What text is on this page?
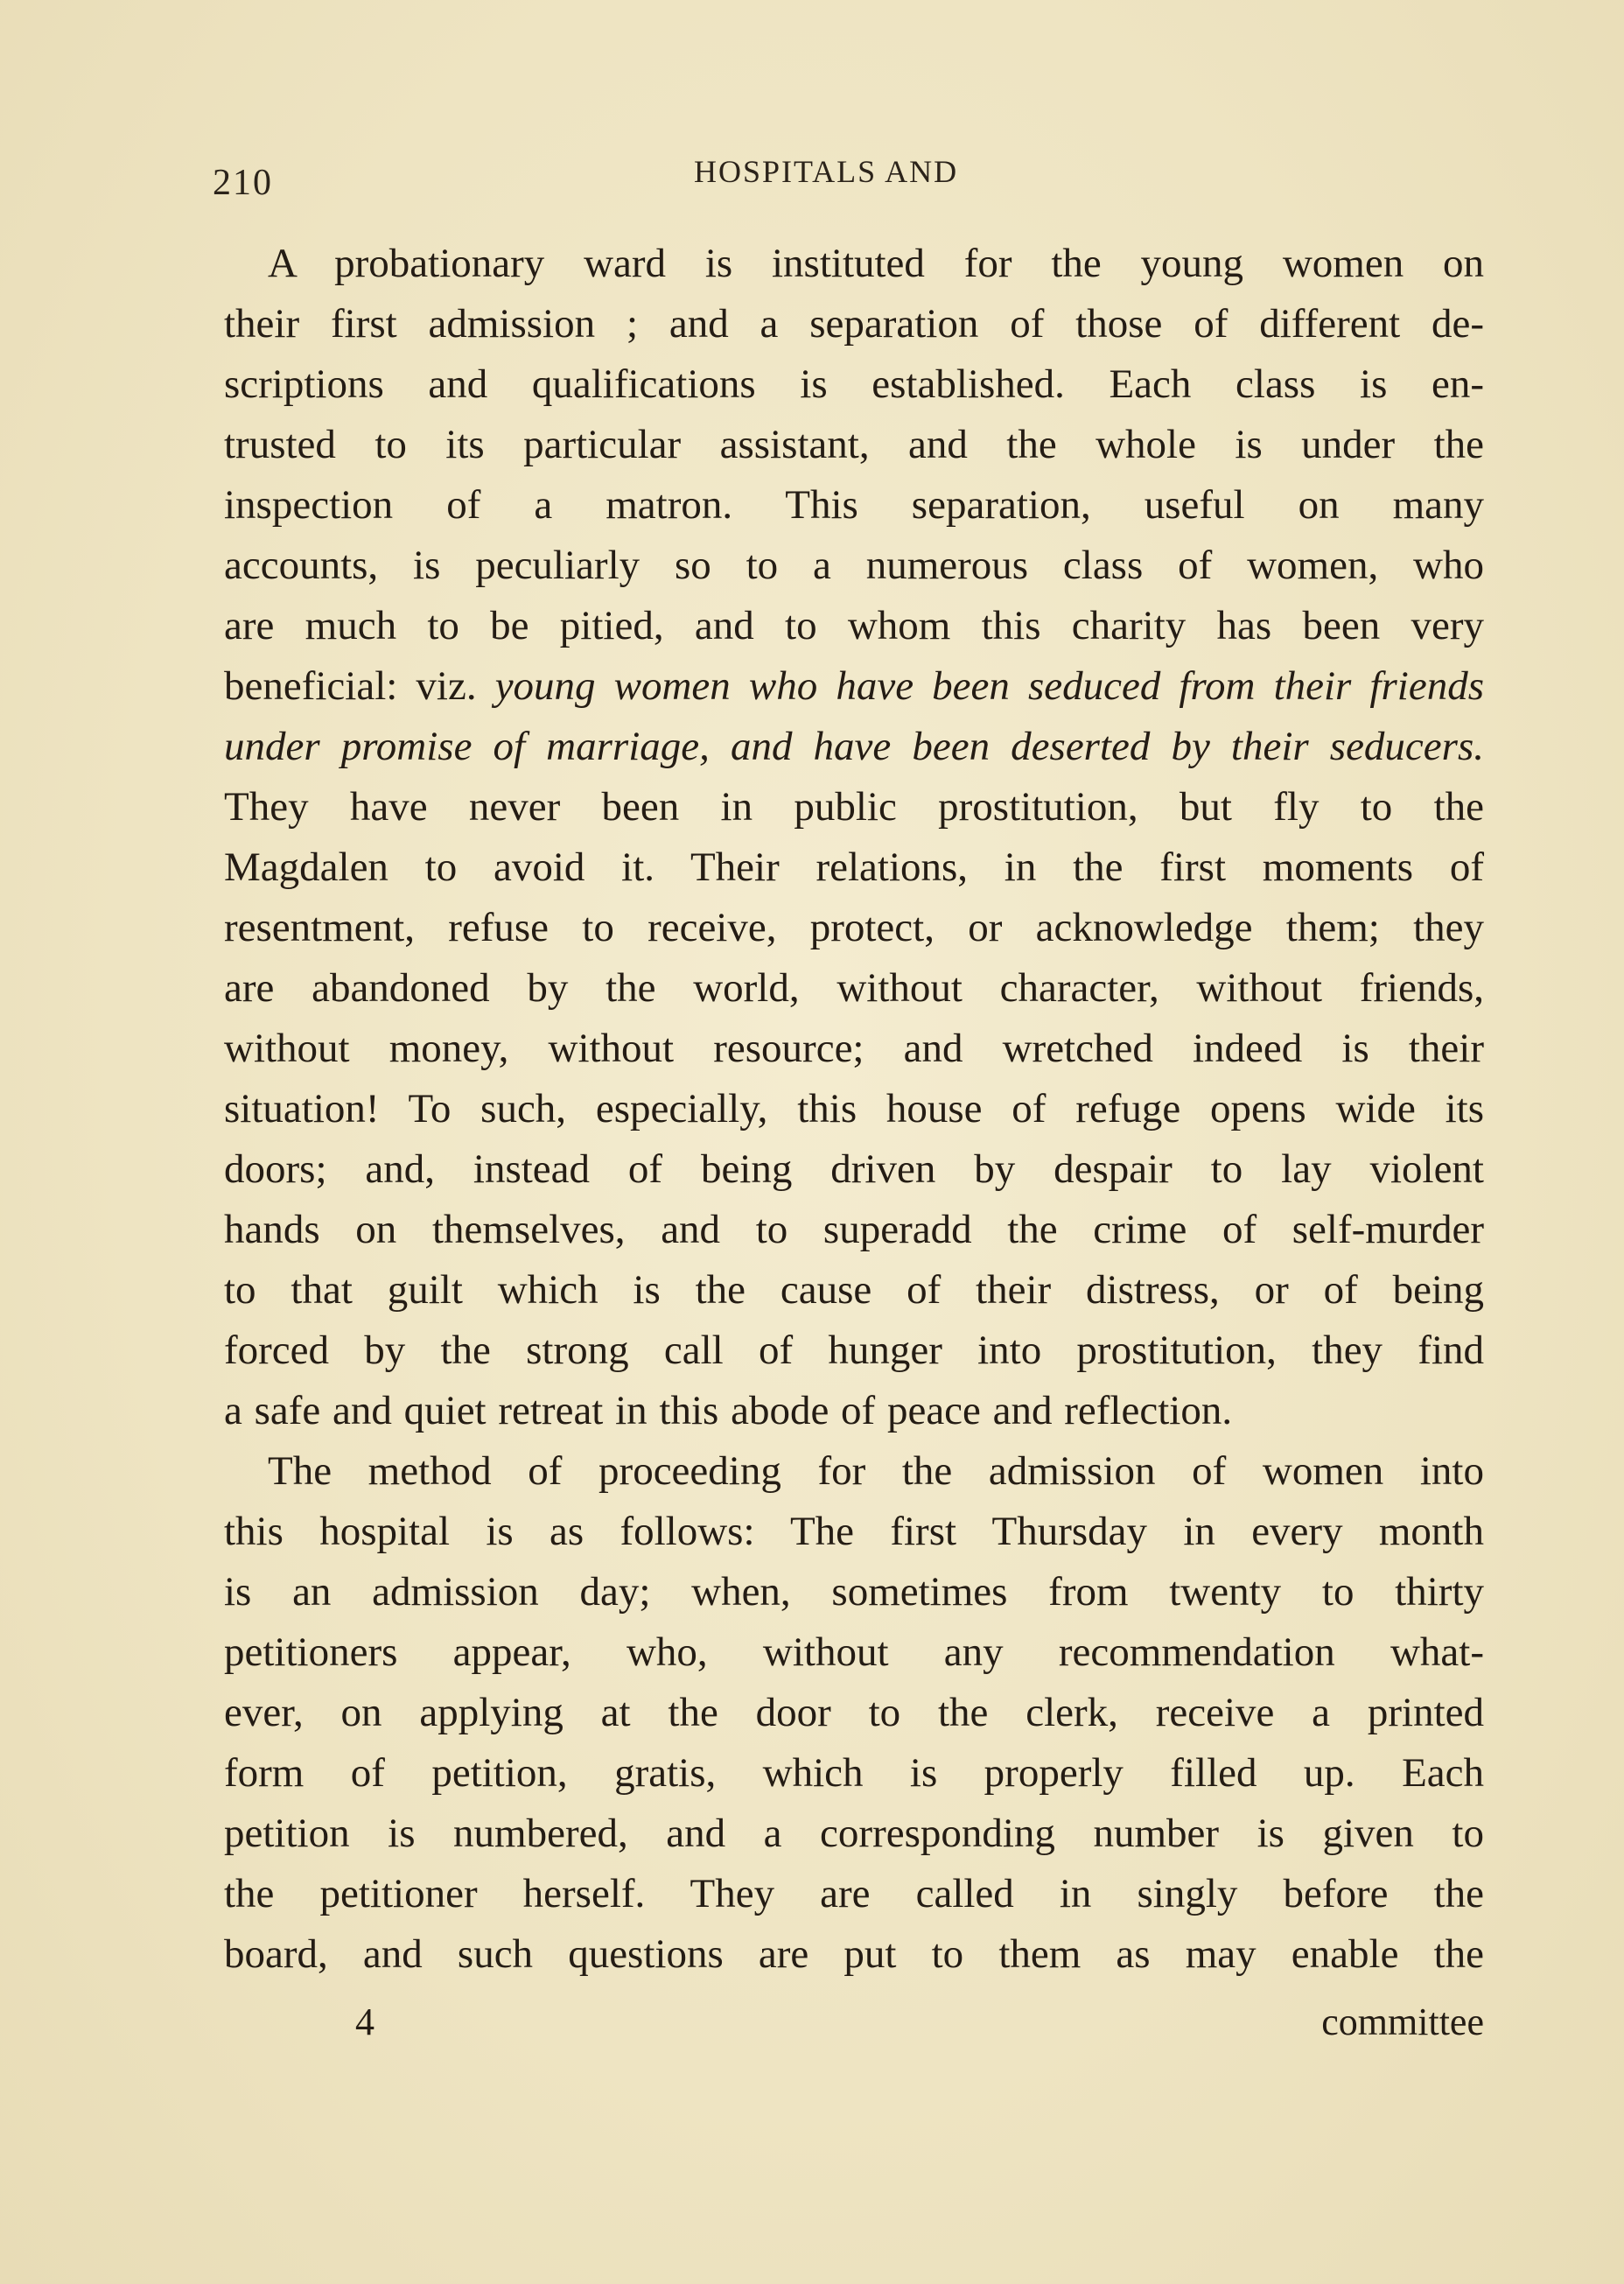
210	HOSPITALS AND
A probationary ward is instituted for the young women on
their first admission ; and a separation of those of different de-
scriptions and qualifications is established. Each class is en-
trusted to its particular assistant, and the whole is under the
inspection of a matron. This separation, useful on many
accounts, is peculiarly so to a numerous class of women, who
are much to be pitied, and to whom this charity has been very
beneficial: viz. young women who have been seduced from their friends
under promise of marriage, and have been deserted by their seducers.
They have never been in public prostitution, but fly to the
Magdalen to avoid it. Their relations, in the first moments of
resentment, refuse to receive, protect, or acknowledge them; they
are abandoned by the world, without character, without friends,
without money, without resource; and wretched indeed is their
situation! To such, especially, this house of refuge opens wide its
doors; and, instead of being driven by despair to lay violent
hands on themselves, and to superadd the crime of self-murder
to that guilt which is the cause of their distress, or of being
forced by the strong call of hunger into prostitution, they find
a safe and quiet retreat in this abode of peace and reflection.
The method of proceeding for the admission of women into
this hospital is as follows: The first Thursday in every month
is an admission day; when, sometimes from twenty to thirty
petitioners appear, who, without any recommendation what-
ever, on applying at the door to the clerk, receive a printed
form of petition, gratis, which is properly filled up. Each
petition is numbered, and a corresponding number is given to
the petitioner herself. They are called in singly before the
board, and such questions are put to them as may enable the
4	committee
